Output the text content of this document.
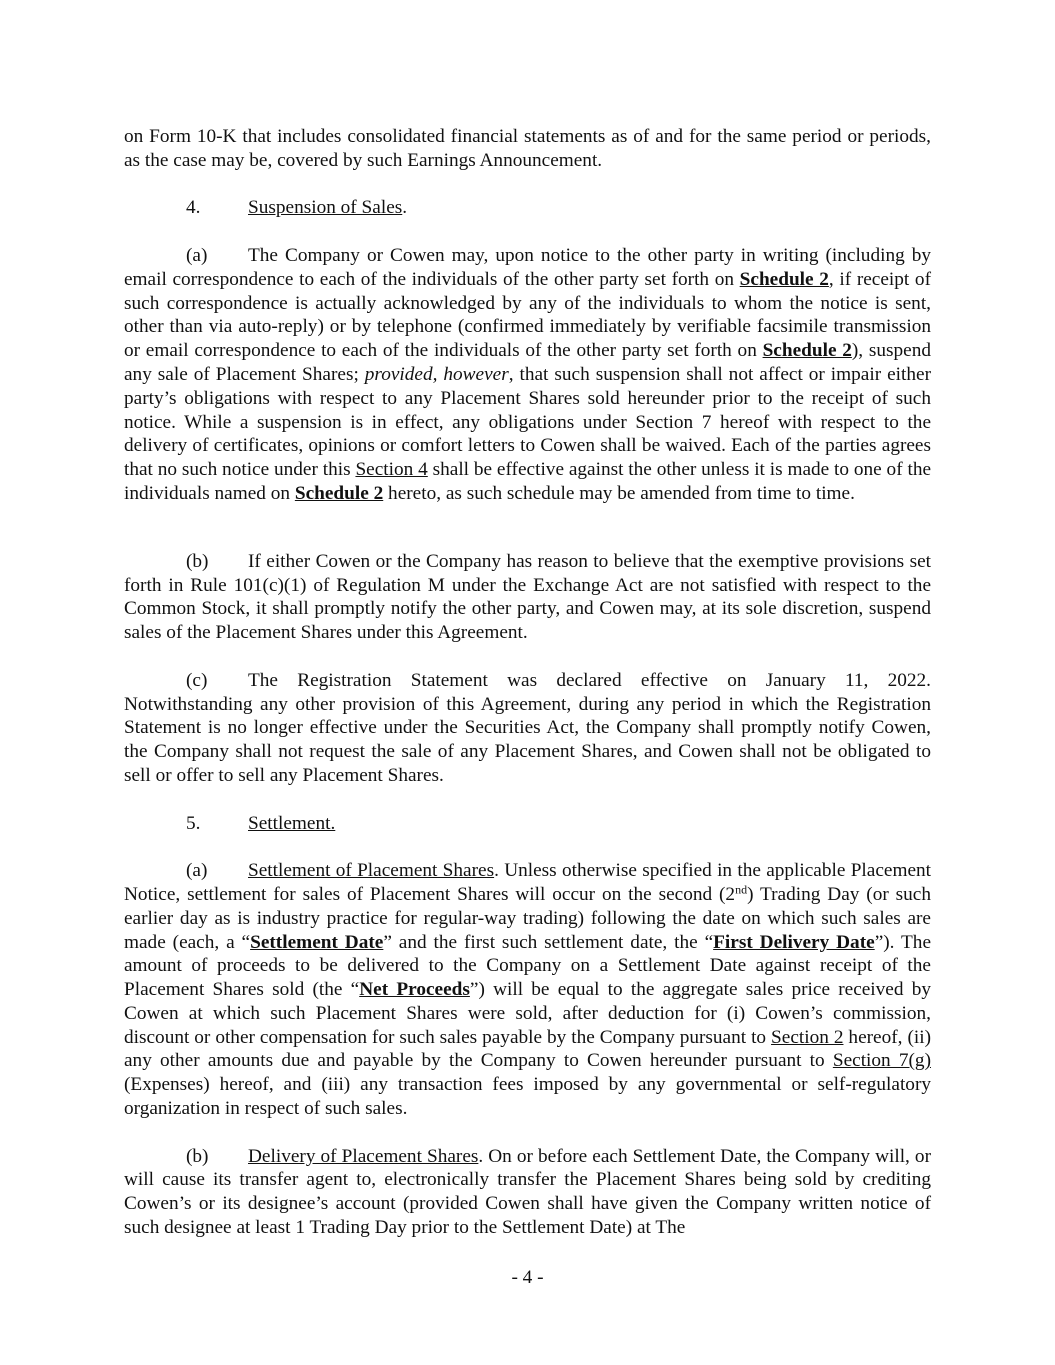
on Form 10-K that includes consolidated financial statements as of and for the same period or periods, as the case may be, covered by such Earnings Announcement.

4. Suspension of Sales.

(a) The Company or Cowen may, upon notice to the other party in writing (including by email correspondence to each of the individuals of the other party set forth on Schedule 2, if receipt of such correspondence is actually acknowledged by any of the individuals to whom the notice is sent, other than via auto-reply) or by telephone (confirmed immediately by verifiable facsimile transmission or email correspondence to each of the individuals of the other party set forth on Schedule 2), suspend any sale of Placement Shares; provided, however, that such suspension shall not affect or impair either party’s obligations with respect to any Placement Shares sold hereunder prior to the receipt of such notice. While a suspension is in effect, any obligations under Section 7 hereof with respect to the delivery of certificates, opinions or comfort letters to Cowen shall be waived. Each of the parties agrees that no such notice under this Section 4 shall be effective against the other unless it is made to one of the individuals named on Schedule 2 hereto, as such schedule may be amended from time to time.

(b) If either Cowen or the Company has reason to believe that the exemptive provisions set forth in Rule 101(c)(1) of Regulation M under the Exchange Act are not satisfied with respect to the Common Stock, it shall promptly notify the other party, and Cowen may, at its sole discretion, suspend sales of the Placement Shares under this Agreement.

(c) The Registration Statement was declared effective on January 11, 2022. Notwithstanding any other provision of this Agreement, during any period in which the Registration Statement is no longer effective under the Securities Act, the Company shall promptly notify Cowen, the Company shall not request the sale of any Placement Shares, and Cowen shall not be obligated to sell or offer to sell any Placement Shares.

5. Settlement.

(a) Settlement of Placement Shares. Unless otherwise specified in the applicable Placement Notice, settlement for sales of Placement Shares will occur on the second (2nd) Trading Day (or such earlier day as is industry practice for regular-way trading) following the date on which such sales are made (each, a “Settlement Date” and the first such settlement date, the “First Delivery Date”). The amount of proceeds to be delivered to the Company on a Settlement Date against receipt of the Placement Shares sold (the “Net Proceeds”) will be equal to the aggregate sales price received by Cowen at which such Placement Shares were sold, after deduction for (i) Cowen’s commission, discount or other compensation for such sales payable by the Company pursuant to Section 2 hereof, (ii) any other amounts due and payable by the Company to Cowen hereunder pursuant to Section 7(g) (Expenses) hereof, and (iii) any transaction fees imposed by any governmental or self-regulatory organization in respect of such sales.

(b) Delivery of Placement Shares. On or before each Settlement Date, the Company will, or will cause its transfer agent to, electronically transfer the Placement Shares being sold by crediting Cowen’s or its designee’s account (provided Cowen shall have given the Company written notice of such designee at least 1 Trading Day prior to the Settlement Date) at The

- 4 -
